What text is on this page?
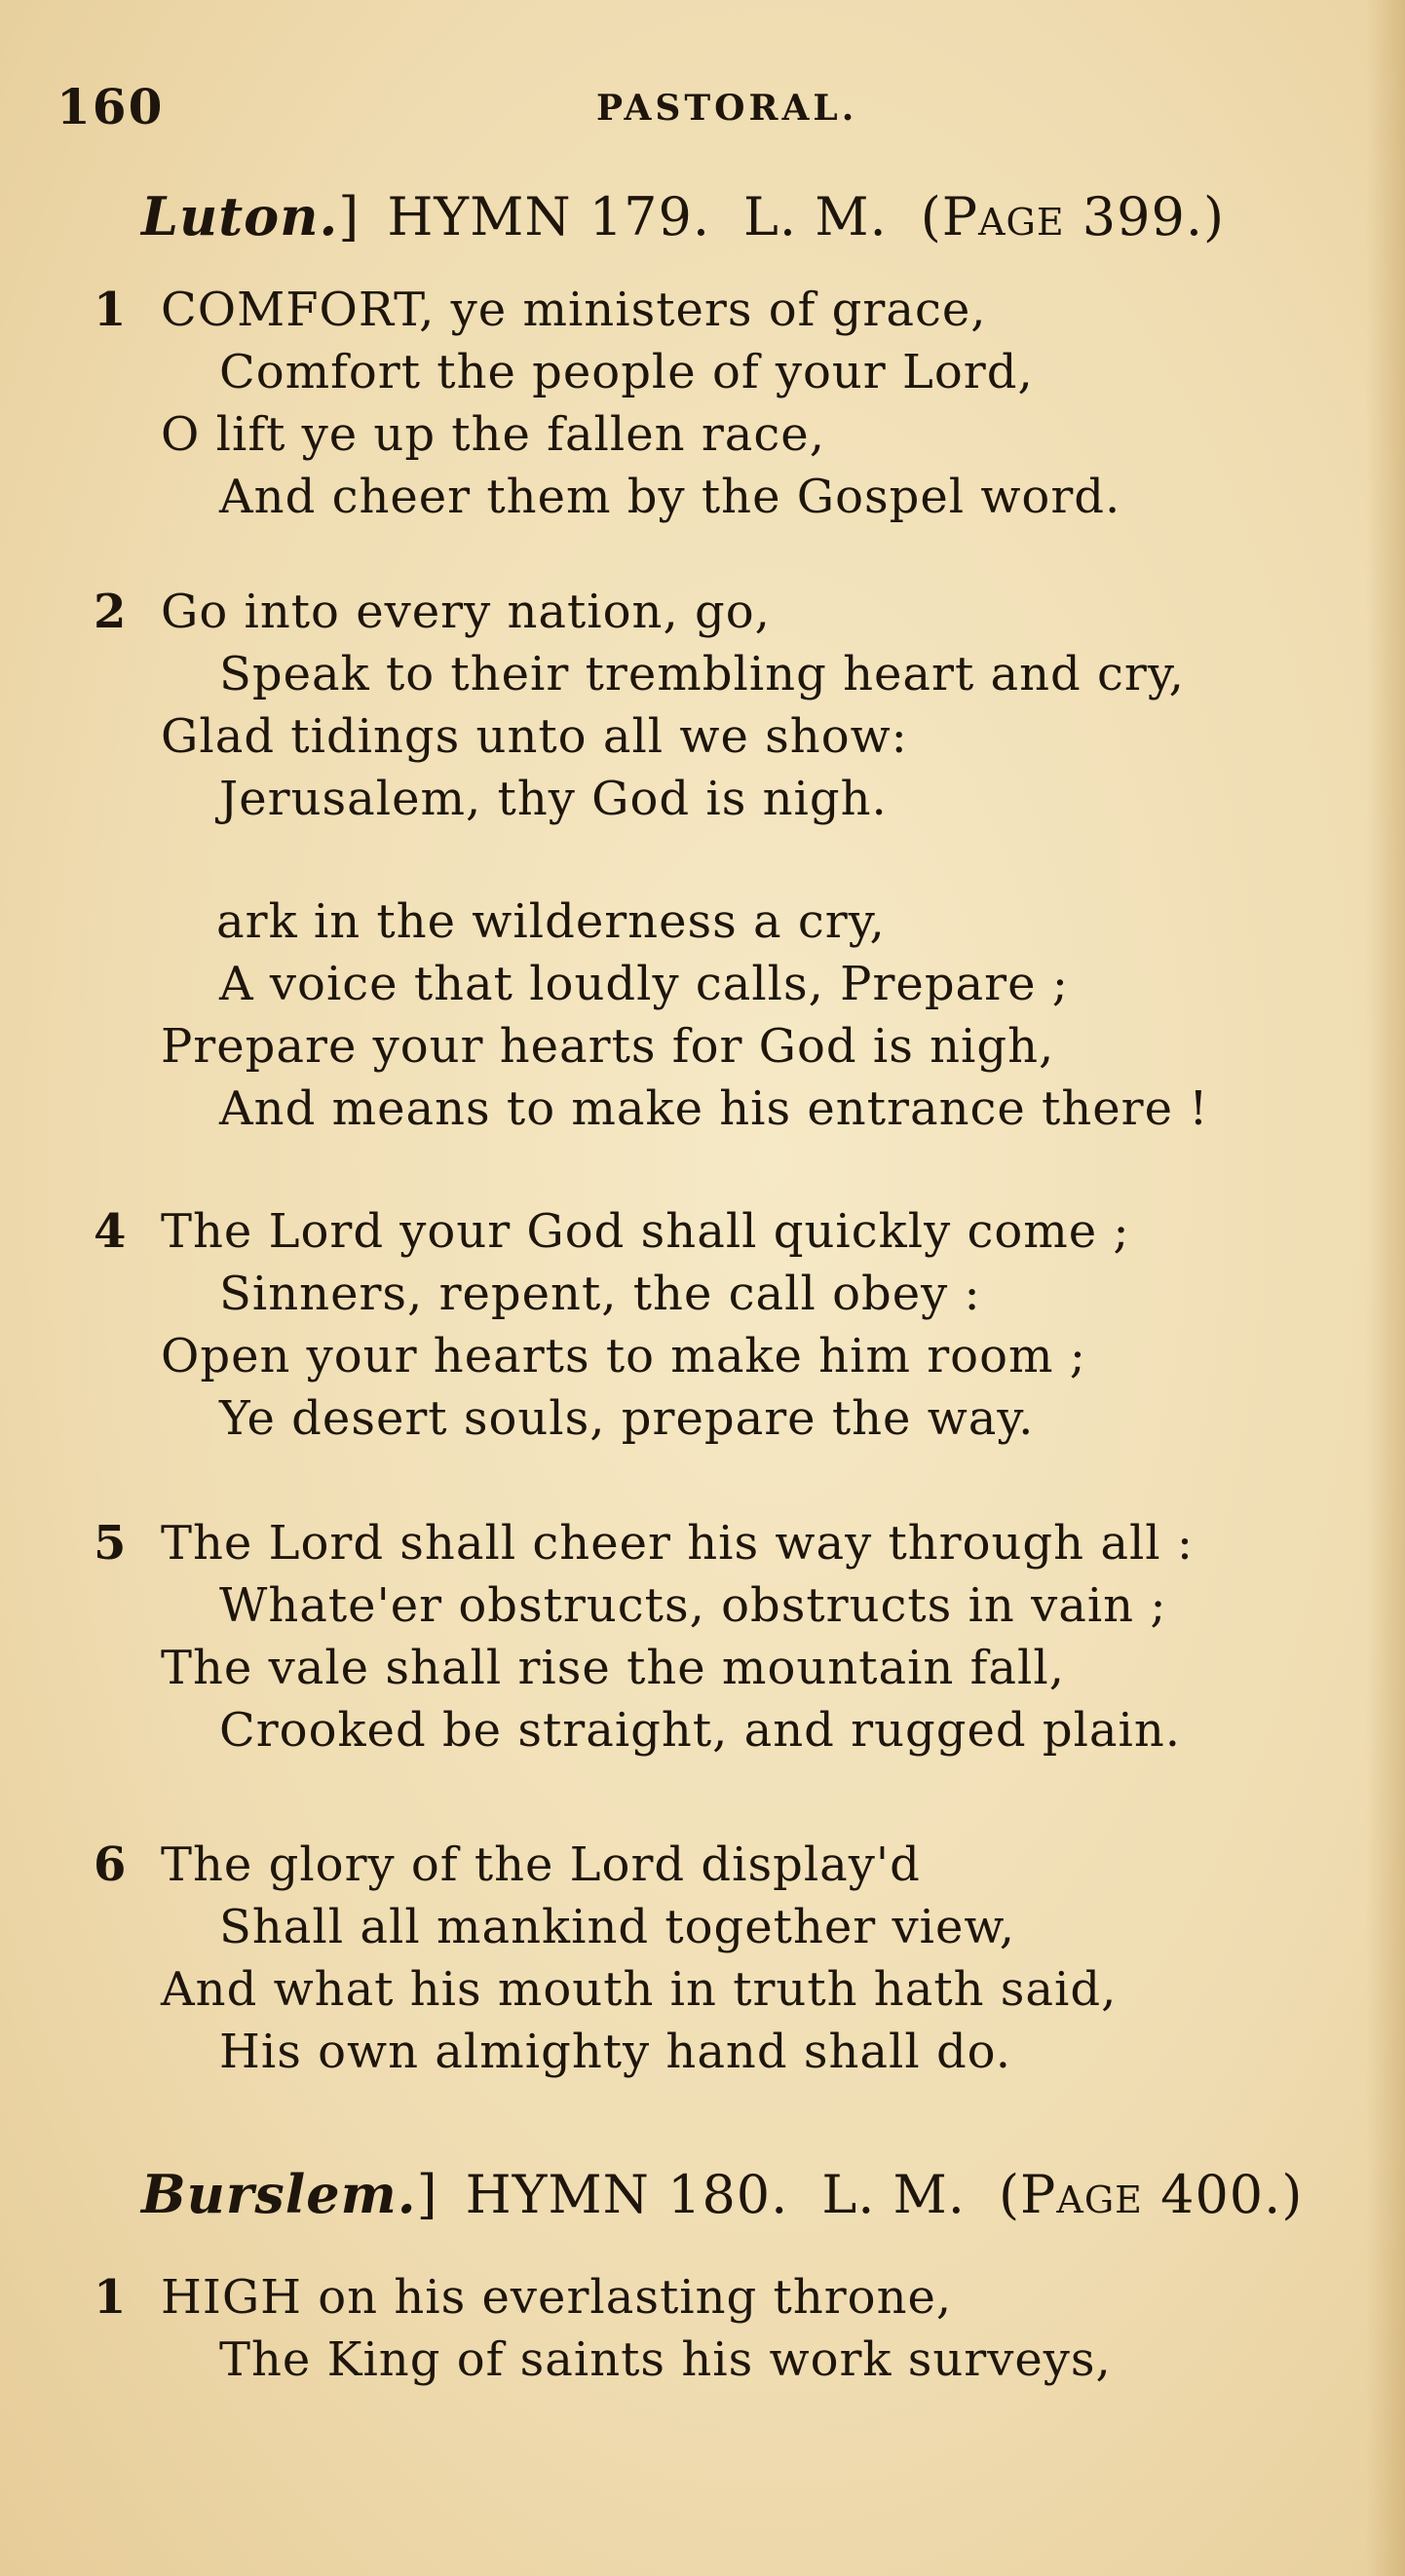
160	PASTORAL.
Luton.] HYMN 179. L. M. (Page 399.)
1 COMFORT, ye ministers of grace,
Comfort the people of your Lord,
O lift ye up the fallen race,
And cheer them by the Gospel word.
2 Go into every nation, go,
Speak to their trembling heart and cry,
Glad tidings unto all we show:
Jerusalem, thy God is nigh.
ark in the wilderness a cry,
A voice that loudly calls, Prepare ;
Prepare your hearts for God is nigh,
And means to make his entrance there !
4 The Lord your God shall quickly come ;
Sinners, repent, the call obey :
Open your hearts to make him room ;
Ye desert souls, prepare the way.
5 The Lord shall cheer his way through all :
Whate'er obstructs, obstructs in vain ;
The vale shall rise the mountain fall,
Crooked be straight, and rugged plain.
6 The glory of the Lord display'd
Shall all mankind together view,
And what his mouth in truth hath said,
His own almighty hand shall do.
Burslem.] HYMN 180. L. M. (Page 400.)
1 HIGH on his everlasting throne,
The King of saints his work surveys,
